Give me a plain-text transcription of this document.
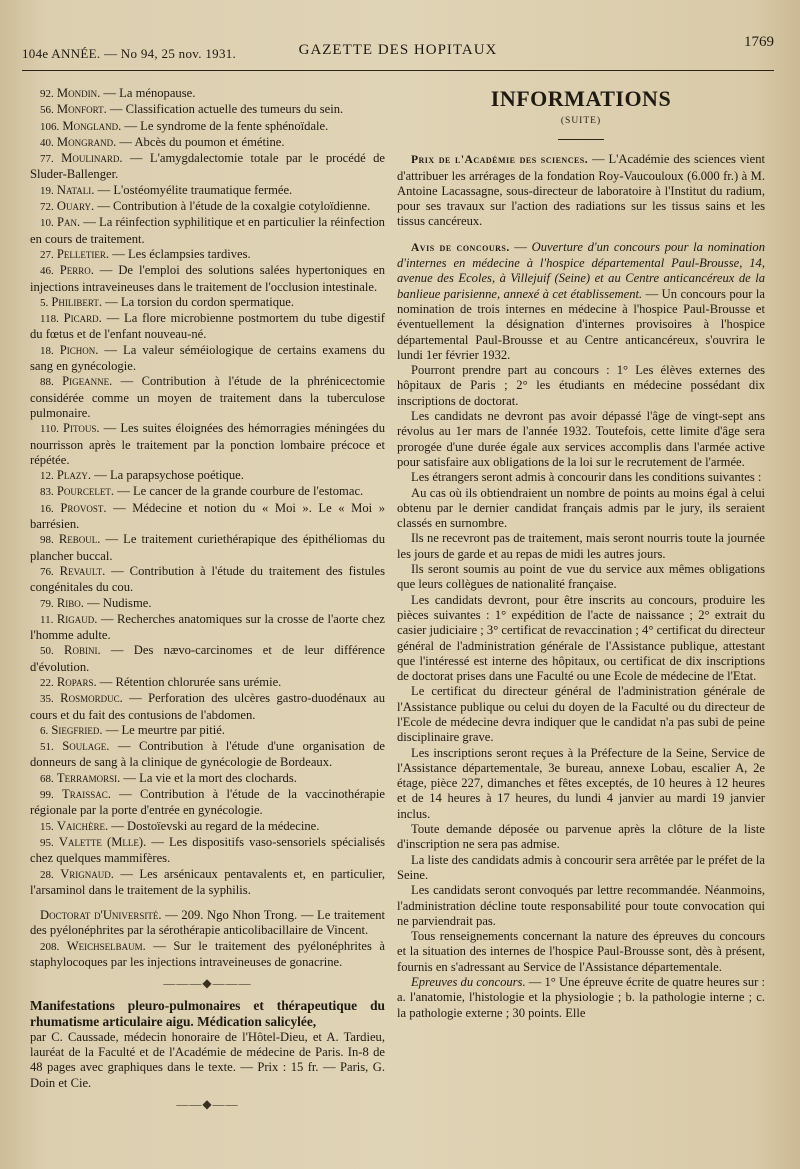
104e ANNÉE. — No 94, 25 nov. 1931.	GAZETTE DES HOPITAUX	1769

92. Mondin. — La ménopause.

56. Monfort. — Classification actuelle des tumeurs du sein.

106. Mongland. — Le syndrome de la fente sphénoïdale.

40. Mongrand. — Abcès du poumon et émétine.

77. Moulinard. — L'amygdalectomie totale par le procédé de Sluder-Ballenger.

19. Natali. — L'ostéomyélite traumatique fermée.

72. Ouary. — Contribution à l'étude de la coxalgie cotyloïdienne.

10. Pan. — La réinfection syphilitique et en particulier la réinfection en cours de traitement.

27. Pelletier. — Les éclampsies tardives.

46. Perro. — De l'emploi des solutions salées hypertoniques en injections intraveineuses dans le traitement de l'occlusion intestinale.

5. Philibert. — La torsion du cordon spermatique.

118. Picard. — La flore microbienne postmortem du tube digestif du fœtus et de l'enfant nouveau-né.

18. Pichon. — La valeur séméiologique de certains examens du sang en gynécologie.

88. Pigeanne. — Contribution à l'étude de la phrénicectomie considérée comme un moyen de traitement dans la tuberculose pulmonaire.

110. Pitous. — Les suites éloignées des hémorragies méningées du nourrisson après le traitement par la ponction lombaire précoce et répétée.

12. Plazy. — La parapsychose poétique.

83. Pourcelet. — Le cancer de la grande courbure de l'estomac.

16. Provost. — Médecine et notion du « Moi ». Le « Moi » barrésien.

98. Reboul. — Le traitement curiethérapique des épithéliomas du plancher buccal.

76. Revault. — Contribution à l'étude du traitement des fistules congénitales du cou.

79. Ribo. — Nudisme.

11. Rigaud. — Recherches anatomiques sur la crosse de l'aorte chez l'homme adulte.

50. Robini. — Des nævo-carcinomes et de leur différence d'évolution.

22. Ropars. — Rétention chlorurée sans urémie.

35. Rosmorduc. — Perforation des ulcères gastro-duodénaux au cours et du fait des contusions de l'abdomen.

6. Siegfried. — Le meurtre par pitié.

51. Soulage. — Contribution à l'étude d'une organisation de donneurs de sang à la clinique de gynécologie de Bordeaux.

68. Terramorsi. — La vie et la mort des clochards.

99. Traissac. — Contribution à l'étude de la vaccinothérapie régionale par la porte d'entrée en gynécologie.

15. Vaichère. — Dostoïevski au regard de la médecine.

95. Valette (Mlle). — Les dispositifs vaso-sensoriels spécialisés chez quelques mammifères.

28. Vrignaud. — Les arsénicaux pentavalents et, en particulier, l'arsaminol dans le traitement de la syphilis.

Doctorat d'Université. — 209. Ngo Nhon Trong. — Le traitement des pyélonéphrites par la sérothérapie anticolibacillaire de Vincent.

208. Weichselbaum. — Sur le traitement des pyélonéphrites à staphylocoques par les injections intraveineuses de gonacrine.

———◆———
Manifestations pleuro-pulmonaires et thérapeutique du rhumatisme articulaire aigu. Médication salicylée,
par C. Caussade, médecin honoraire de l'Hôtel-Dieu, et A. Tardieu, lauréat de la Faculté et de l'Académie de médecine de Paris. In-8 de 48 pages avec graphiques dans le texte. — Prix : 15 fr. — Paris, G. Doin et Cie.
——◆——
INFORMATIONS
(SUITE)

Prix de l'Académie des sciences. — L'Académie des sciences vient d'attribuer les arrérages de la fondation Roy-Vaucouloux (6.000 fr.) à M. Antoine Lacassagne, sous-directeur de laboratoire à l'Institut du radium, pour ses travaux sur l'action des radiations sur les tissus sains et les tissus cancéreux.

Avis de concours. — Ouverture d'un concours pour la nomination d'internes en médecine à l'hospice départemental Paul-Brousse, 14, avenue des Ecoles, à Villejuif (Seine) et au Centre anticancéreux de la banlieue parisienne, annexé à cet établissement. — Un concours pour la nomination de trois internes en médecine à l'hospice Paul-Brousse et éventuellement la désignation d'internes provisoires à l'hospice départemental Paul-Brousse et au Centre anticancéreux, s'ouvrira le lundi 1er février 1932.

Pourront prendre part au concours : 1° Les élèves externes des hôpitaux de Paris ; 2° les étudiants en médecine possédant dix inscriptions de doctorat.

Les candidats ne devront pas avoir dépassé l'âge de vingt-sept ans révolus au 1er mars de l'année 1932. Toutefois, cette limite d'âge sera prorogée d'une durée égale aux services accomplis dans l'armée active pour satisfaire aux obligations de la loi sur le recrutement de l'armée.

Les étrangers seront admis à concourir dans les conditions suivantes :

Au cas où ils obtiendraient un nombre de points au moins égal à celui obtenu par le dernier candidat français admis par le jury, ils seraient classés en surnombre.

Ils ne recevront pas de traitement, mais seront nourris toute la journée les jours de garde et au repas de midi les autres jours.

Ils seront soumis au point de vue du service aux mêmes obligations que leurs collègues de nationalité française.

Les candidats devront, pour être inscrits au concours, produire les pièces suivantes : 1° expédition de l'acte de naissance ; 2° extrait du casier judiciaire ; 3° certificat de revaccination ; 4° certificat du directeur général de l'administration générale de l'Assistance publique, attestant que l'intéressé est interne des hôpitaux, ou certificat de dix inscriptions de doctorat prises dans une Faculté ou une Ecole de médecine de l'Etat.

Le certificat du directeur général de l'administration générale de l'Assistance publique ou celui du doyen de la Faculté ou du directeur de l'Ecole de médecine devra indiquer que le candidat n'a pas subi de peine disciplinaire grave.

Les inscriptions seront reçues à la Préfecture de la Seine, Service de l'Assistance départementale, 3e bureau, annexe Lobau, escalier A, 2e étage, pièce 227, dimanches et fêtes exceptés, de 10 heures à 12 heures et de 14 heures à 17 heures, du lundi 4 janvier au mardi 19 janvier inclus.

Toute demande déposée ou parvenue après la clôture de la liste d'inscription ne sera pas admise.

La liste des candidats admis à concourir sera arrêtée par le préfet de la Seine.

Les candidats seront convoqués par lettre recommandée. Néanmoins, l'administration décline toute responsabilité pour toute convocation qui ne parviendrait pas.

Tous renseignements concernant la nature des épreuves du concours et la situation des internes de l'hospice Paul-Brousse sont, dès à présent, fournis en s'adressant au Service de l'Assistance départementale.

Epreuves du concours. — 1° Une épreuve écrite de quatre heures sur : a. l'anatomie, l'histologie et la physiologie ; b. la pathologie interne ; c. la pathologie externe ; 30 points. Elle
